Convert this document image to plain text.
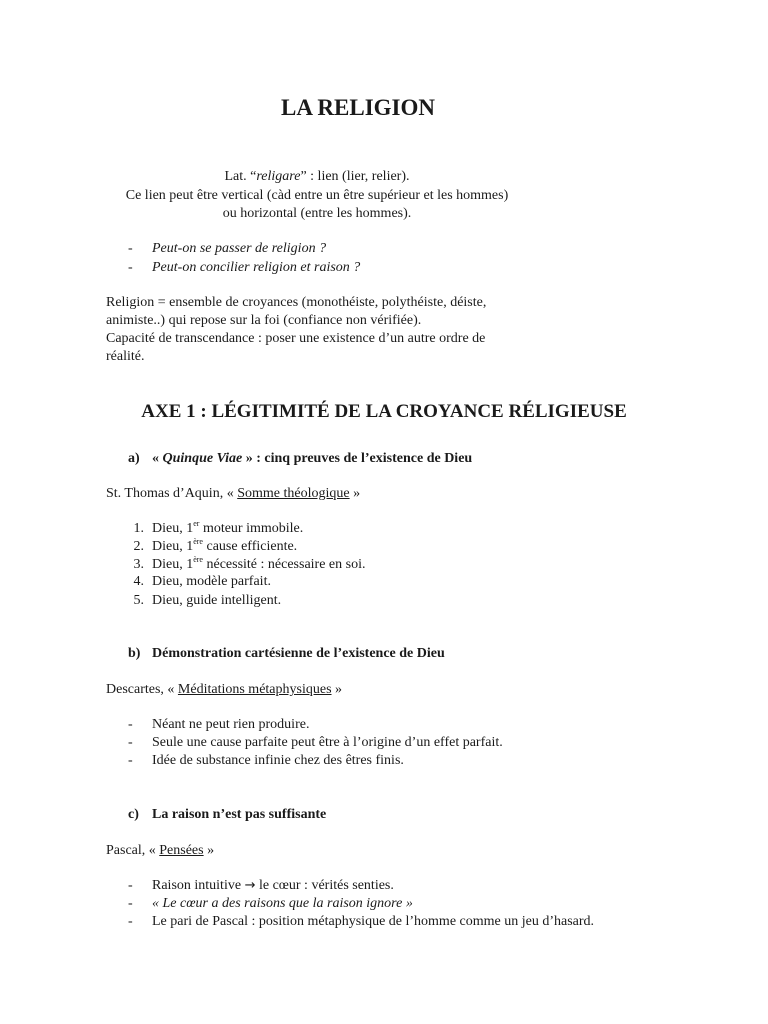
LA RELIGION
Lat. “religare” : lien (lier, relier).
Ce lien peut être vertical (càd entre un être supérieur et les hommes)
ou horizontal (entre les hommes).
- Peut-on se passer de religion ?
- Peut-on concilier religion et raison ?
Religion = ensemble de croyances (monothéiste, polythéiste, déiste,
animiste..) qui repose sur la foi (confiance non vérifiée).
Capacité de transcendance : poser une existence d’un autre ordre de
réalité.
AXE 1 : LÉGITIMITÉ DE LA CROYANCE RÉLIGIEUSE
a) « Quinque Viae » : cinq preuves de l’existence de Dieu
St. Thomas d’Aquin, « Somme théologique »
1. Dieu, 1er moteur immobile.
2. Dieu, 1ère cause efficiente.
3. Dieu, 1ère nécessité : nécessaire en soi.
4. Dieu, modèle parfait.
5. Dieu, guide intelligent.
b) Démonstration cartésienne de l’existence de Dieu
Descartes, « Méditations métaphysiques »
- Néant ne peut rien produire.
- Seule une cause parfaite peut être à l’origine d’un effet parfait.
- Idée de substance infinie chez des êtres finis.
c) La raison n’est pas suffisante
Pascal, « Pensées »
- Raison intuitive → le cœur : vérités senties.
- « Le cœur a des raisons que la raison ignore »
- Le pari de Pascal : position métaphysique de l’homme comme un jeu d’hasard.
